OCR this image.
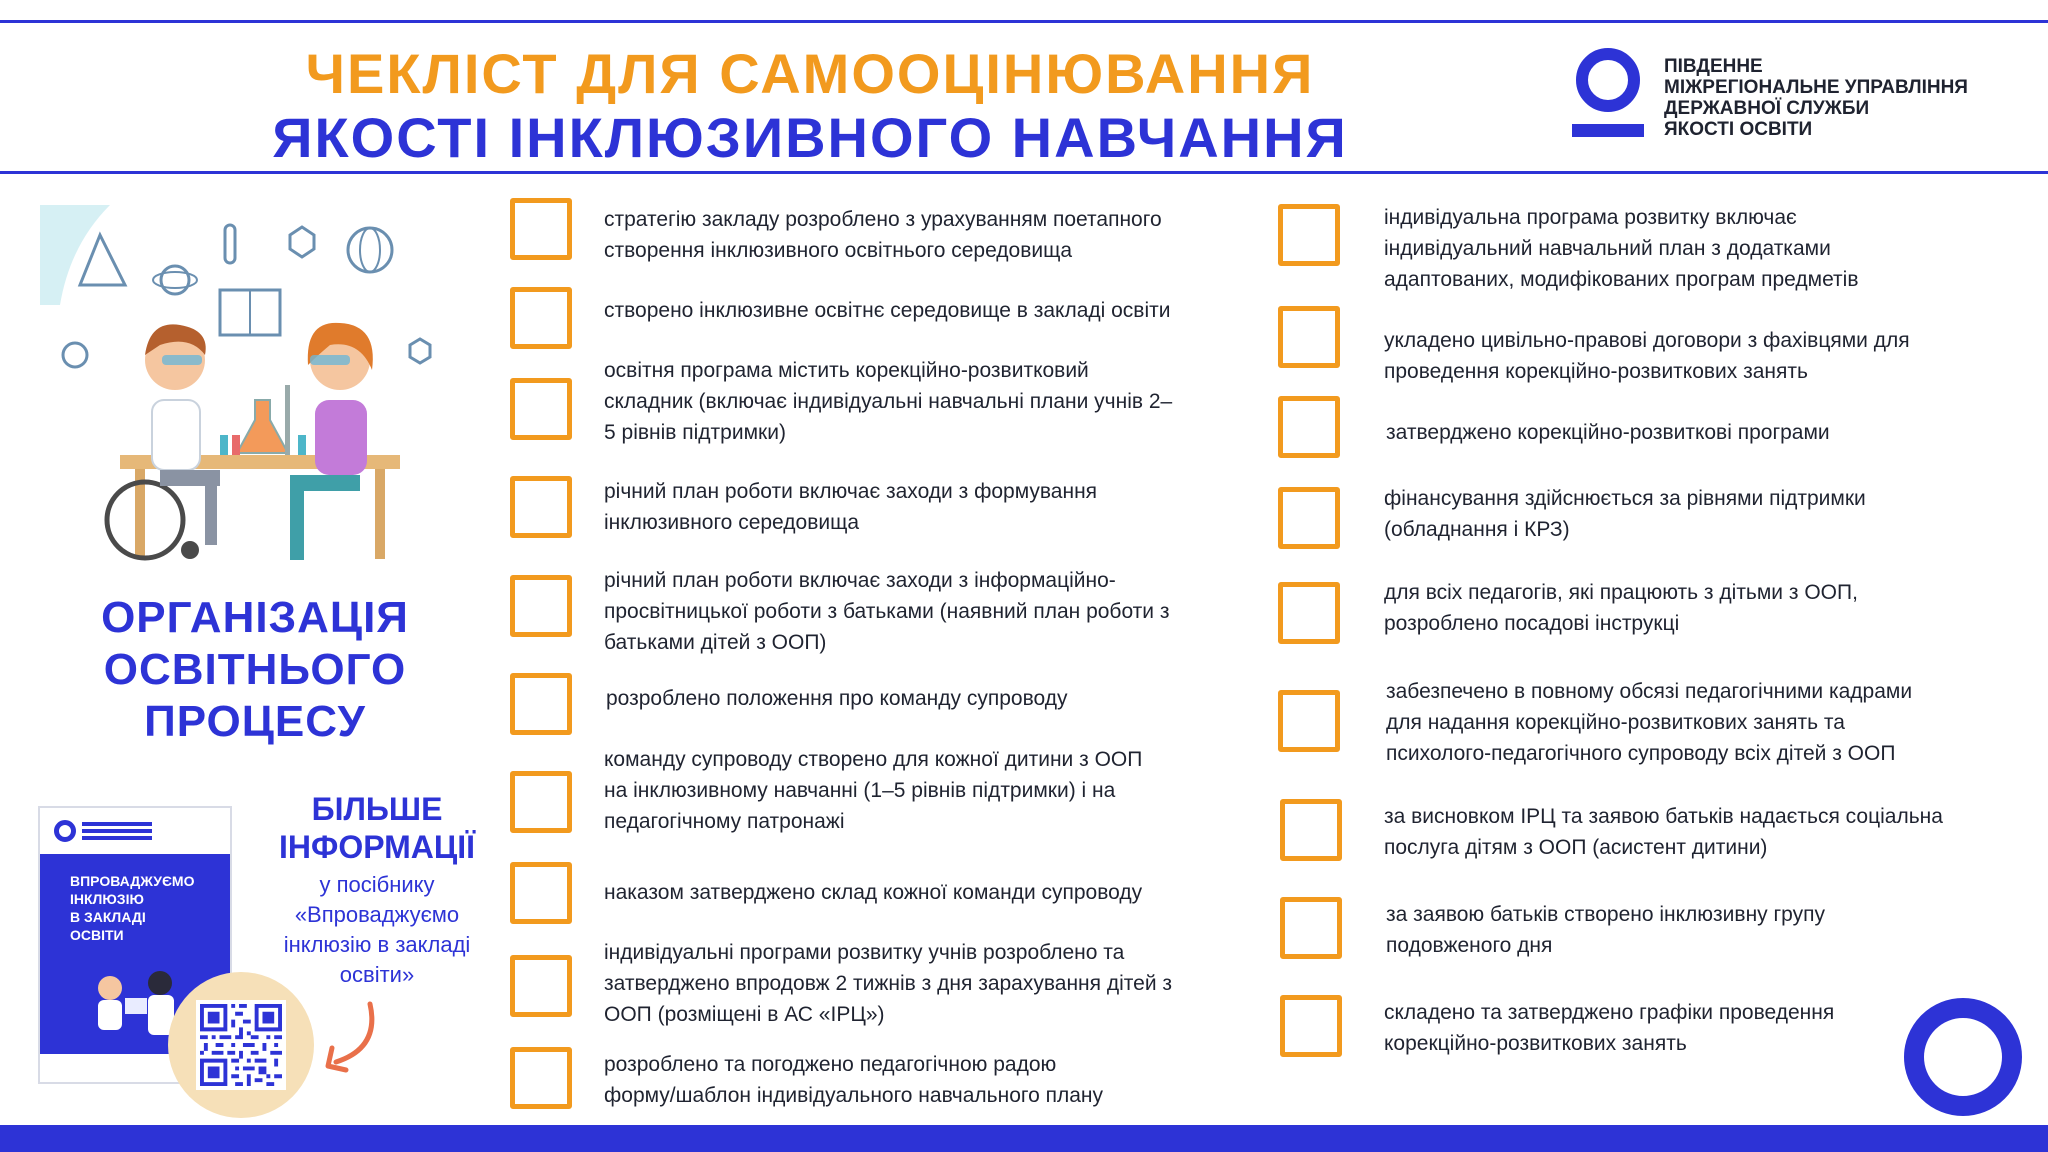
ЧЕКЛІСТ ДЛЯ САМООЦІНЮВАННЯ
ЯКОСТІ ІНКЛЮЗИВНОГО НАВЧАННЯ
ПІВДЕННЕ
МІЖРЕГІОНАЛЬНЕ УПРАВЛІННЯ
ДЕРЖАВНОЇ СЛУЖБИ
ЯКОСТІ ОСВІТИ
ОРГАНІЗАЦІЯ
ОСВІТНЬОГО
ПРОЦЕСУ
ВПРОВАДЖУЄМО
ІНКЛЮЗІЮ
В ЗАКЛАДІ
ОСВІТИ
БІЛЬШЕ
ІНФОРМАЦІЇ
у посібнику
«Впроваджуємо
інклюзію в закладі
освіти»
стратегію закладу розроблено з урахуванням поетапного
створення інклюзивного освітнього середовища
створено інклюзивне освітнє середовище в закладі освіти
освітня програма містить корекційно-розвитковий
складник (включає індивідуальні навчальні плани учнів 2–
5 рівнів підтримки)
річний план роботи включає заходи з формування
інклюзивного середовища
річний план роботи включає заходи з інформаційно-
просвітницької роботи з батьками (наявний план роботи з
батьками дітей з ООП)
розроблено положення про команду супроводу
команду супроводу створено для кожної дитини з ООП
на інклюзивному навчанні (1–5 рівнів підтримки) і на
педагогічному патронажі
наказом затверджено склад кожної команди супроводу
індивідуальні програми розвитку учнів розроблено та
затверджено впродовж 2 тижнів з дня зарахування дітей з
ООП (розміщені в АС «ІРЦ»)
розроблено та погоджено педагогічною радою
форму/шаблон індивідуального навчального плану
індивідуальна програма розвитку включає
індивідуальний навчальний план з додатками
адаптованих, модифікованих програм предметів
укладено цивільно-правові договори з фахівцями для
проведення корекційно-розвиткових занять
затверджено корекційно-розвиткові програми
фінансування здійснюється за рівнями підтримки
(обладнання і КРЗ)
для всіх педагогів, які працюють з дітьми з ООП,
розроблено посадові інструкці
забезпечено в повному обсязі педагогічними кадрами
для надання корекційно-розвиткових занять та
психолого-педагогічного супроводу всіх дітей з ООП
за висновком ІРЦ та заявою батьків надається соціальна
послуга дітям з ООП (асистент дитини)
за заявою батьків створено інклюзивну групу
подовженого дня
складено та затверджено графіки проведення
корекційно-розвиткових занять
